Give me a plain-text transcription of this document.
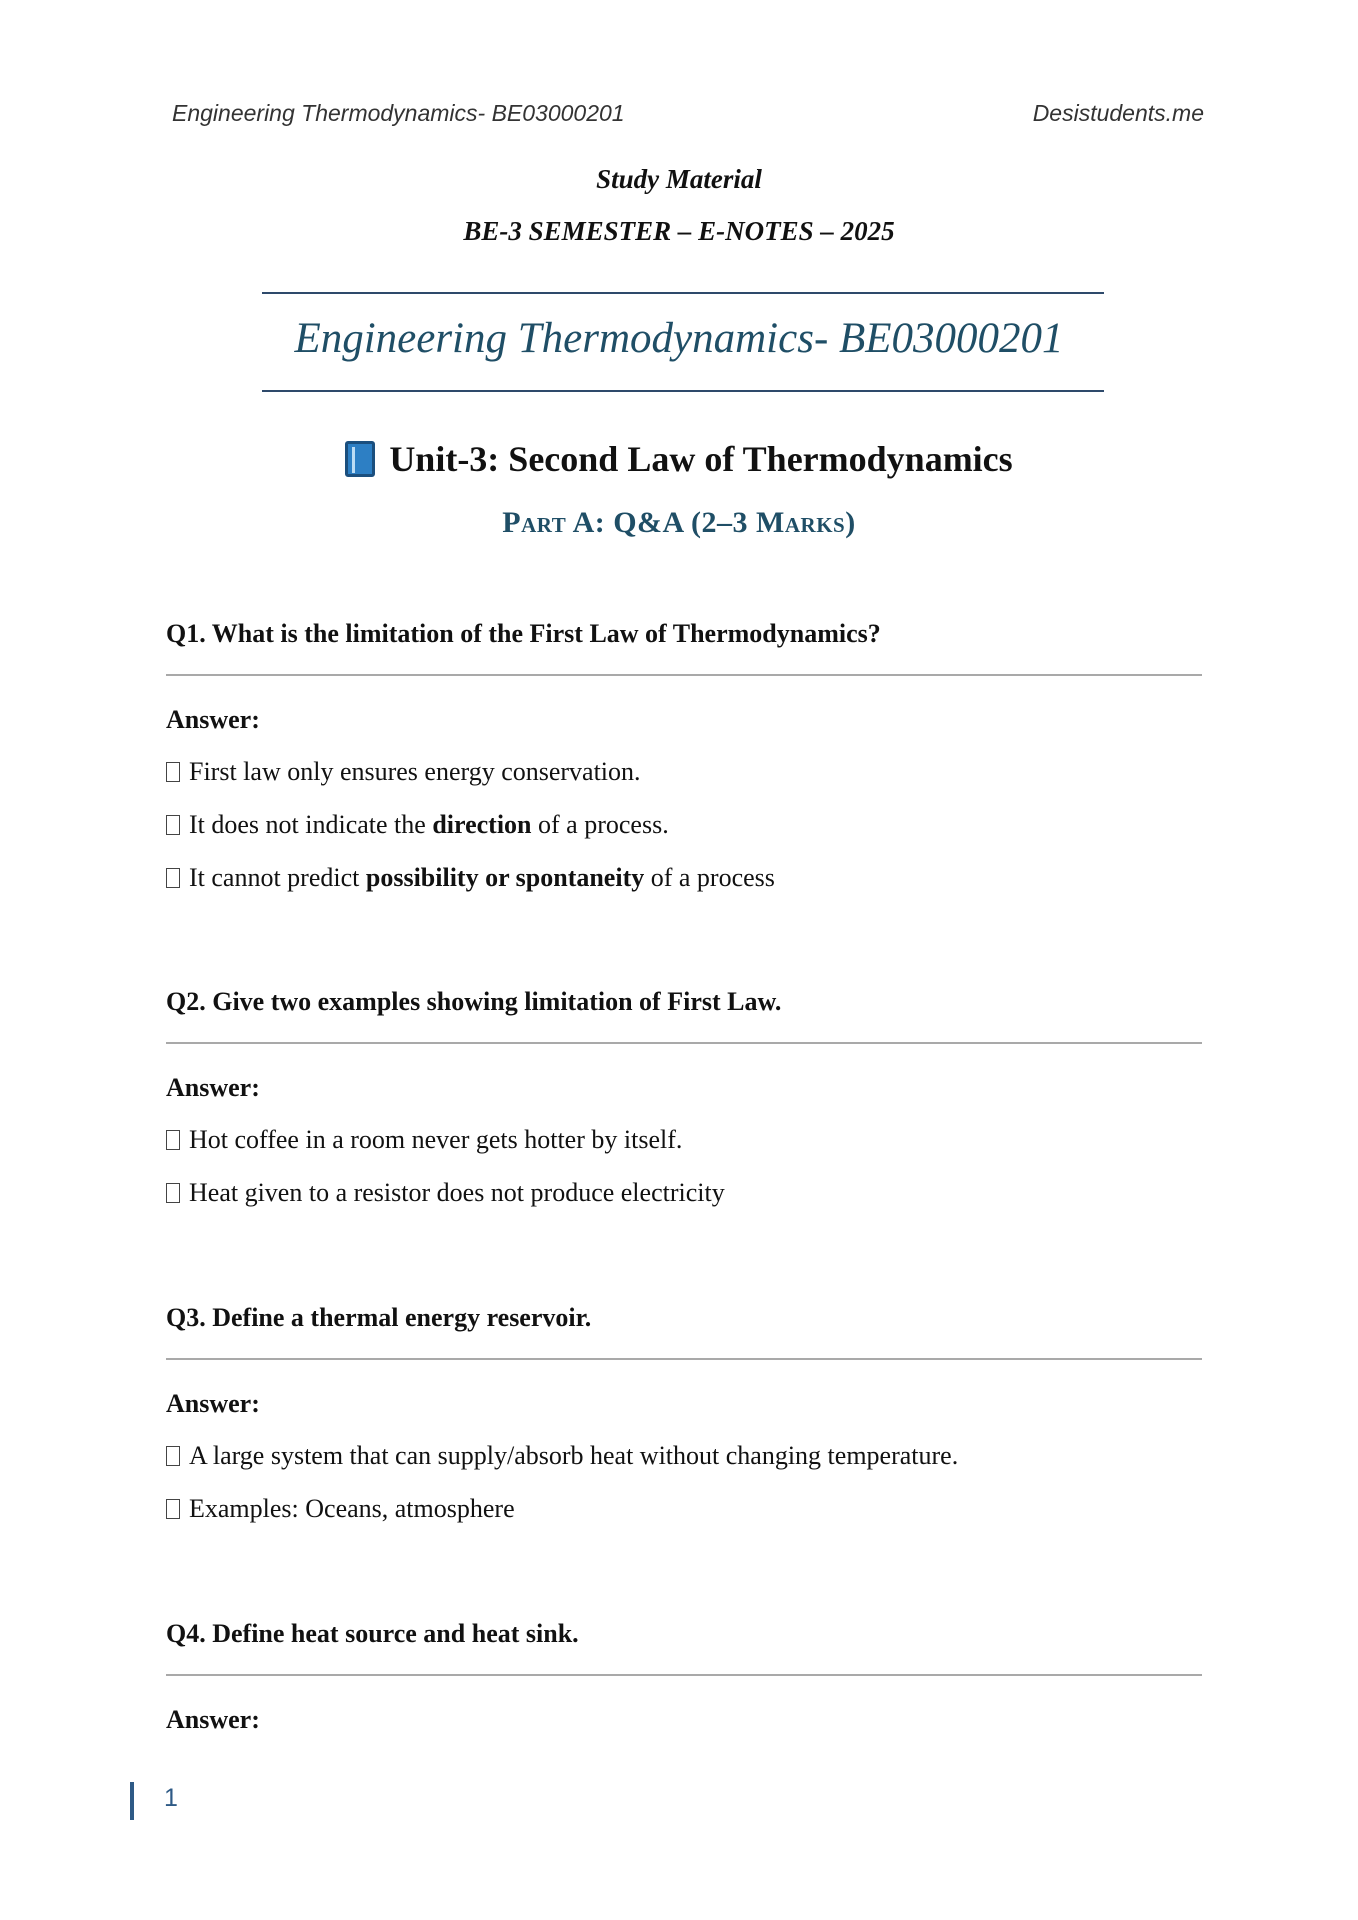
Engineering Thermodynamics- BE03000201	Desistudents.me
Study Material
BE-3 SEMESTER – E-NOTES – 2025
Engineering Thermodynamics- BE03000201
Unit-3: Second Law of Thermodynamics
Part A: Q&A (2–3 Marks)
Q1. What is the limitation of the First Law of Thermodynamics?
Answer:
First law only ensures energy conservation.
It does not indicate the direction of a process.
It cannot predict possibility or spontaneity of a process
Q2. Give two examples showing limitation of First Law.
Answer:
Hot coffee in a room never gets hotter by itself.
Heat given to a resistor does not produce electricity
Q3. Define a thermal energy reservoir.
Answer:
A large system that can supply/absorb heat without changing temperature.
Examples: Oceans, atmosphere
Q4. Define heat source and heat sink.
Answer:
1
